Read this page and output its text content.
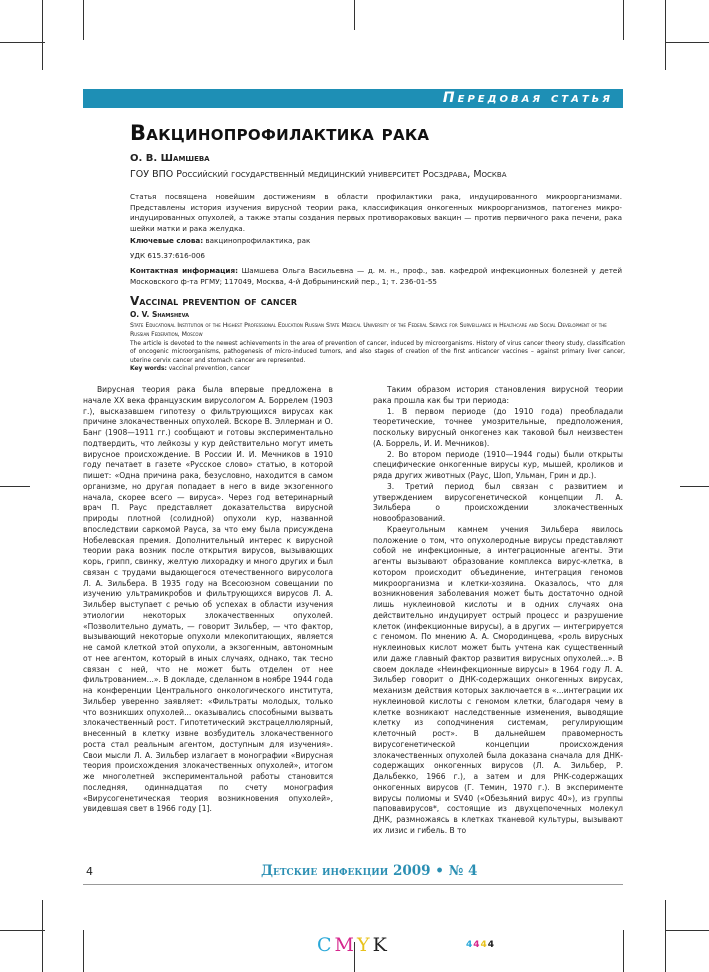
Передовая статья
Вакцинопрофилактика рака
О. В. Шамшева
ГОУ ВПО Российский государственный медицинский университет Росздрава, Москва
Статья посвящена новейшим достижениям в области профилактики рака, индуцированного микроорганизмами. Представлены история изучения вирусной теории рака, классификация онкогенных микроорганизмов, патогенез микро-индуцированных опухолей, а также этапы создания первых противораковых вакцин — против первичного рака печени, рака шейки матки и рака желудка.
Ключевые слова: вакцинопрофилактика, рак
УДК 615.37:616-006
Контактная информация: Шамшева Ольга Васильевна — д. м. н., проф., зав. кафедрой инфекционных болезней у детей Московского ф-та РГМУ; 117049, Москва, 4-й Добрынинский пер., 1; т. 236-01-55
Vaccinal prevention of cancer
O. V. Shamsheva
State Educational Institution of the Highest Professional Education Russian State Medical University of the Federal Service for Surveillance in Healthcare and Social Development of the Russian Federation, Moscow
The article is devoted to the newest achievements in the area of prevention of cancer, induced by microorganisms. History of virus cancer theory study, classification of oncogenic microorganisms, pathogenesis of micro-induced tumors, and also stages of creation of the first anticancer vaccines – against primary liver cancer, uterine cervix cancer and stomach cancer are represented.
Key words: vaccinal prevention, cancer

Вирусная теория рака была впервые предложена в начале XX века французским вирусологом А. Боррелем (1903 г.), высказавшем гипотезу о фильтрующихся вирусах как причине злокачественных опухолей. Вскоре В. Эллерман и О. Банг (1908—1911 гг.) сообщают и готовы экспериментально подтвердить, что лейкозы у кур действительно могут иметь вирусное происхождение. В России И. И. Мечников в 1910 году печатает в газете «Русское слово» статью, в которой пишет: «Одна причина рака, безусловно, находится в самом организме, но другая попадает в него в виде экзогенного начала, скорее всего — вируса». Через год ветеринарный врач П. Раус представляет доказательства вирусной природы плотной (солидной) опухоли кур, названной впоследствии саркомой Рауса, за что ему была присуждена Нобелевская премия. Дополнительный интерес к вирусной теории рака возник после открытия вирусов, вызывающих корь, грипп, свинку, желтую лихорадку и много других и был связан с трудами выдающегося отечественного вирусолога Л. А. Зильбера. В 1935 году на Всесоюзном совещании по изучению ультрамикробов и фильтрующихся вирусов Л. А. Зильбер выступает с речью об успехах в области изучения этиологии некоторых злокачественных опухолей. «Позволительно думать, — говорит Зильбер, — что фактор, вызывающий некоторые опухоли млекопитающих, является не самой клеткой этой опухоли, а экзогенным, автономным от нее агентом, который в иных случаях, однако, так тесно связан с ней, что не может быть отделен от нее фильтрованием...». В докладе, сделанном в ноябре 1944 года на конференции Центрального онкологического института, Зильбер уверенно заявляет: «Фильтраты молодых, только что возникших опухолей... оказывались способными вызвать злокачественный рост. Гипотетический экстрацеллюлярный, внесенный в клетку извне возбудитель злокачественного роста стал реальным агентом, доступным для изучения». Свои мысли Л. А. Зильбер излагает в монографии «Вирусная теория происхождения злокачественных опухолей», итогом же многолетней экспериментальной работы становится последняя, одиннадцатая по счету монография «Вирусогенетическая теория возникновения опухолей», увидевшая свет в 1966 году [1].

Таким образом история становления вирусной теории рака прошла как бы три периода:

1. В первом периоде (до 1910 года) преобладали теоретические, точнее умозрительные, предположения, поскольку вирусный онкогенез как таковой был неизвестен (А. Боррель, И. И. Мечников).

2. Во втором периоде (1910—1944 годы) были открыты специфические онкогенные вирусы кур, мышей, кроликов и ряда других животных (Раус, Шоп, Ульман, Грин и др.).

3. Третий период был связан с развитием и утверждением вирусогенетической концепции Л. А. Зильбера о происхождении злокачественных новообразований.

Краеугольным камнем учения Зильбера явилось положение о том, что опухолеродные вирусы представляют собой не инфекционные, а интеграционные агенты. Эти агенты вызывают образование комплекса вирус-клетка, в котором происходит объединение, интеграция геномов микроорганизма и клетки-хозяина. Оказалось, что для возникновения заболевания может быть достаточно одной лишь нуклеиновой кислоты и в одних случаях она действительно индуцирует острый процесс и разрушение клеток (инфекционные вирусы), а в других — интегрируется с геномом. По мнению А. А. Смородинцева, «роль вирусных нуклеиновых кислот может быть учтена как существенный или даже главный фактор развития вирусных опухолей...». В своем докладе «Неинфекционные вирусы» в 1964 году Л. А. Зильбер говорит о ДНК-содержащих онкогенных вирусах, механизм действия которых заключается в «...интеграции их нуклеиновой кислоты с геномом клетки, благодаря чему в клетке возникают наследственные изменения, выводящие клетку из соподчинения системам, регулирующим клеточный рост». В дальнейшем правомерность вирусогенетической концепции происхождения злокачественных опухолей была доказана сначала для ДНК-содержащих онкогенных вирусов (Л. А. Зильбер, Р. Дальбекко, 1966 г.), а затем и для РНК-содержащих онкогенных вирусов (Г. Темин, 1970 г.). В эксперименте вирусы полиомы и SV40 («Обезьяний вирус 40»), из группы паповавирусов*, состоящие из двухцепочечных молекул ДНК, размножаясь в клетках тканевой культуры, вызывают их лизис и гибель. В то

4	Детские инфекции 2009 • № 4
CMYK	4444
